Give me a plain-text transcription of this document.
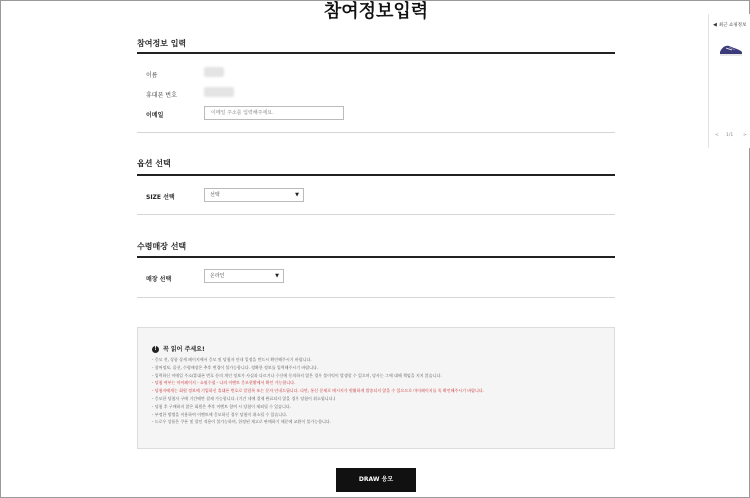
참여정보입력
참여정보 입력
이름
휴대폰 번호
이메일	이메일 주소를 입력해주세요.
옵션 선택
SIZE 선택	선택	▼
수령매장 선택
매장 선택	온라인	▼
! 꼭 읽어 주세요!
- 응모 전, 상품 상세 페이지에서 응모 및 당첨자 안내 일정을 반드시 확인해주시기 바랍니다.
- 참여정보, 옵션, 수령매장은 추후 변경이 불가능합니다. 정확한 정보를 입력해주시기 바랍니다.
- 입력하신 이메일 주소/휴대폰 번호 등의 개인 정보가 사실과 다르거나 수신에 동의하지 않은 경우 불이익이 발생할 수 있으며, 당사는 그에 대해 책임을 지지 않습니다.
- 당첨 여부는 마이페이지 - 쇼핑수첩 - 나의 이벤트 응모현황에서 확인 가능합니다.
- 당첨자에게는 회원 정보에 기입하신 휴대폰 번호로 알림톡 또는 문자 안내드립니다. 다만, 통신 문제로 메시지가 원활하게 발송되지 않을 수 있으므로 마이페이지를 꼭 확인해주시기 바랍니다.
- 응모한 당첨자 구매 기간에만 결제 가능합니다. (기간 내에 결제 완료되지 않을 경우 당첨이 취소됩니다.)
- 당첨 후 구매하지 않은 회원은 추후 이벤트 참여 시 당첨이 제외될 수 있습니다.
- 부정한 방법을 이용하여 이벤트에 응모하신 경우 당첨이 취소될 수 있습니다.
- 드로우 상품은 쿠폰 및 할인 적용이 불가능하며, 한정된 재고로 판매하기 때문에 교환이 불가능합니다.
DRAW 응모
◀ 최근 쇼핑정보
< 1/1 >
